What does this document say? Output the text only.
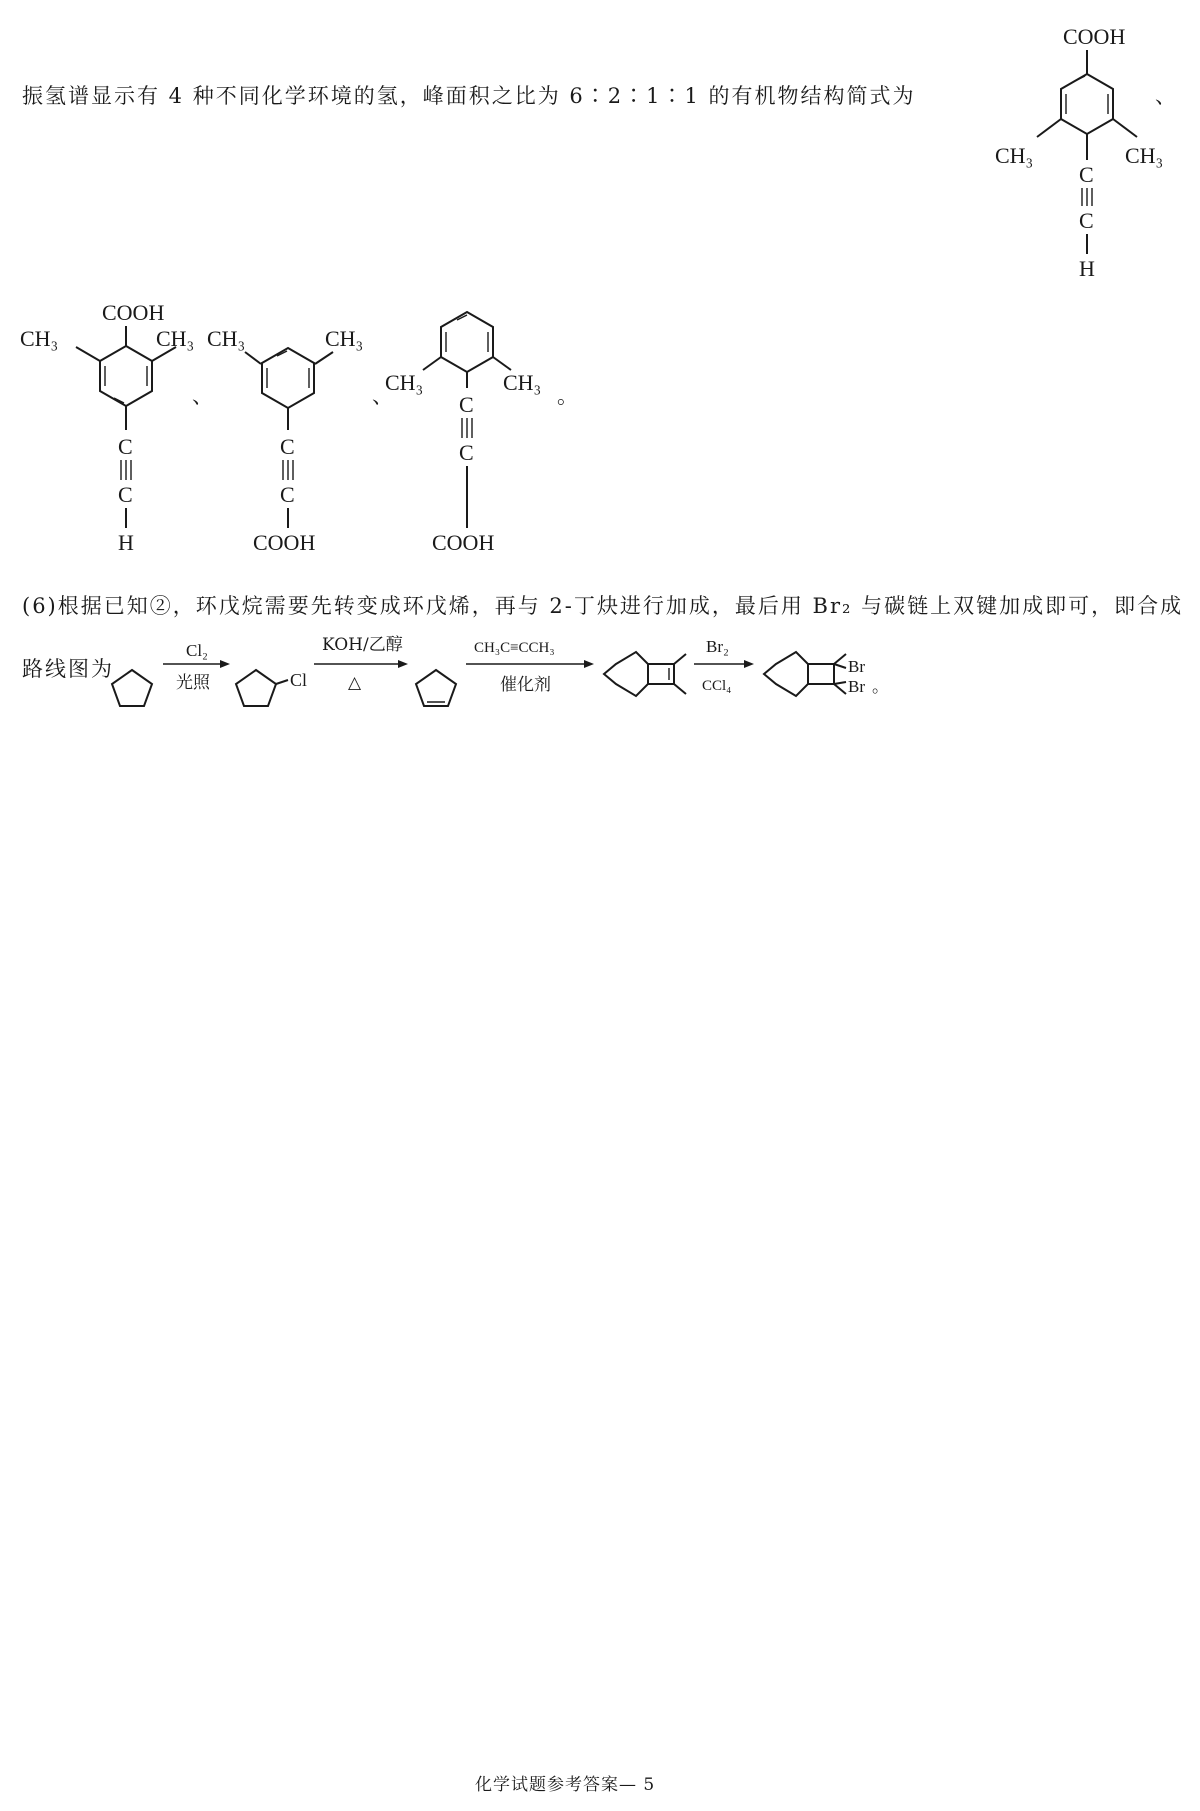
振氢谱显示有 4 种不同化学环境的氢，峰面积之比为 6∶2∶1∶1 的有机物结构简式为
COOH
CH₃	CH₃
C
C
H
、
COOH
CH₃	CH₃
C
C
H
、
CH₃	CH₃
C
C
COOH
、
CH₃	CH₃
C
C
COOH
。
(6)根据已知②，环戊烷需要先转变成环戊烯，再与 2-丁炔进行加成，最后用 Br₂ 与碳链上双键加成即可，即合成
路线图为
Cl₂
光照	Cl
KOH/乙醇
△
CH₃C≡CCH₃
催化剂
Br₂
CCl₄
Br
Br 。
化学试题参考答案— 5
